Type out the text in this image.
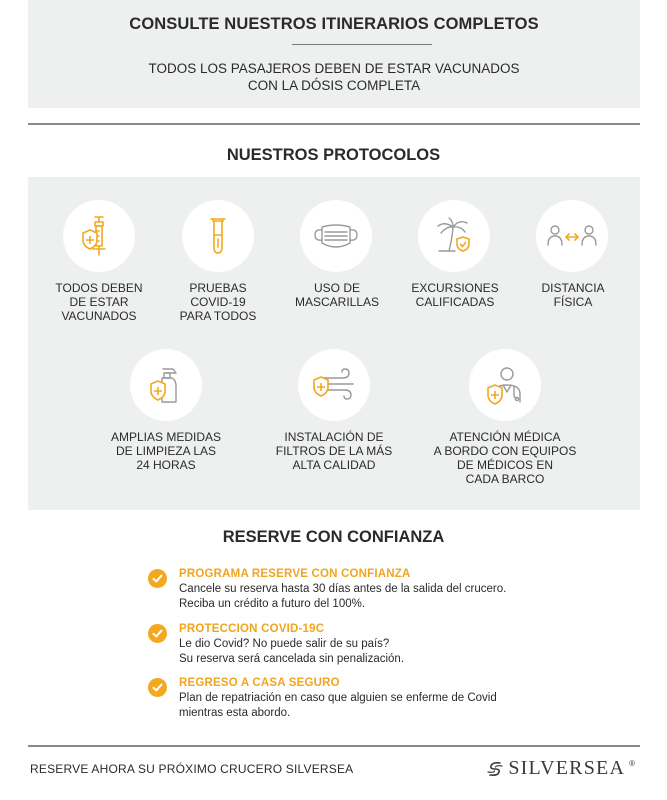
CONSULTE NUESTROS ITINERARIOS COMPLETOS
TODOS LOS PASAJEROS DEBEN DE ESTAR VACUNADOS
CON LA DÓSIS COMPLETA
NUESTROS PROTOCOLOS
TODOS DEBEN
DE ESTAR
VACUNADOS
PRUEBAS
COVID-19
PARA TODOS
USO DE
MASCARILLAS
EXCURSIONES
CALIFICADAS
DISTANCIA
FÍSICA
AMPLIAS MEDIDAS
DE LIMPIEZA LAS
24 HORAS
INSTALACIÓN DE
FILTROS DE LA MÁS
ALTA CALIDAD
ATENCIÓN MÉDICA
A BORDO CON EQUIPOS
DE MÉDICOS EN
CADA BARCO
RESERVE CON CONFIANZA
PROGRAMA RESERVE CON CONFIANZA
Cancele su reserva hasta 30 días antes de la salida del crucero.
Reciba un crédito a futuro del 100%.
PROTECCION COVID-19C
Le dio Covid? No puede salir de su país?
Su reserva será cancelada sin penalización.
REGRESO A CASA SEGURO
Plan de repatriación en caso que alguien se enferme de Covid
mientras esta abordo.
RESERVE AHORA SU PRÓXIMO CRUCERO SILVERSEA	SILVERSEA ®
